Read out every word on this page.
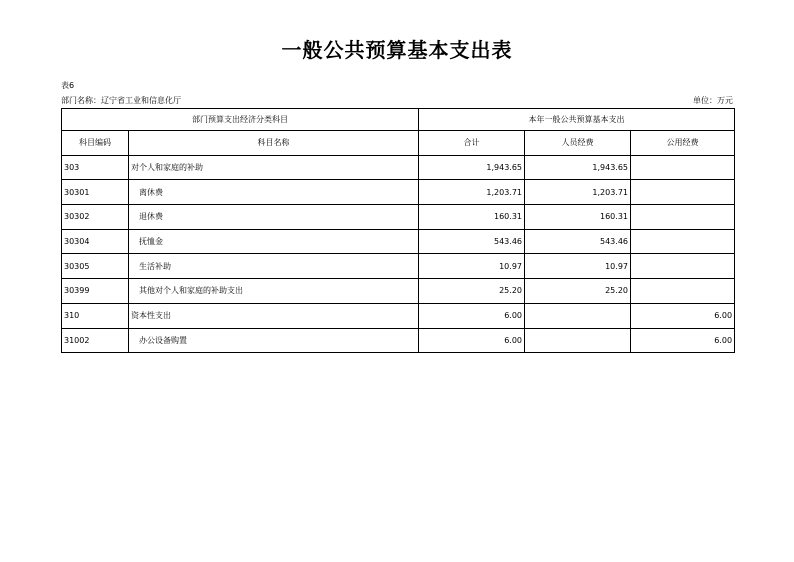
一般公共预算基本支出表
表6
部门名称：辽宁省工业和信息化厅	单位：万元
部门预算支出经济分类科目		本年一般公共预算基本支出		
科目编码	科目名称	合计	人员经费	公用经费
303	对个人和家庭的补助	1,943.65	1,943.65	
30301	　离休费	1,203.71	1,203.71	
30302	　退休费	160.31	160.31	
30304	　抚恤金	543.46	543.46	
30305	　生活补助	10.97	10.97	
30399	　其他对个人和家庭的补助支出	25.20	25.20	
310	资本性支出	6.00		6.00
31002	　办公设备购置	6.00		6.00
